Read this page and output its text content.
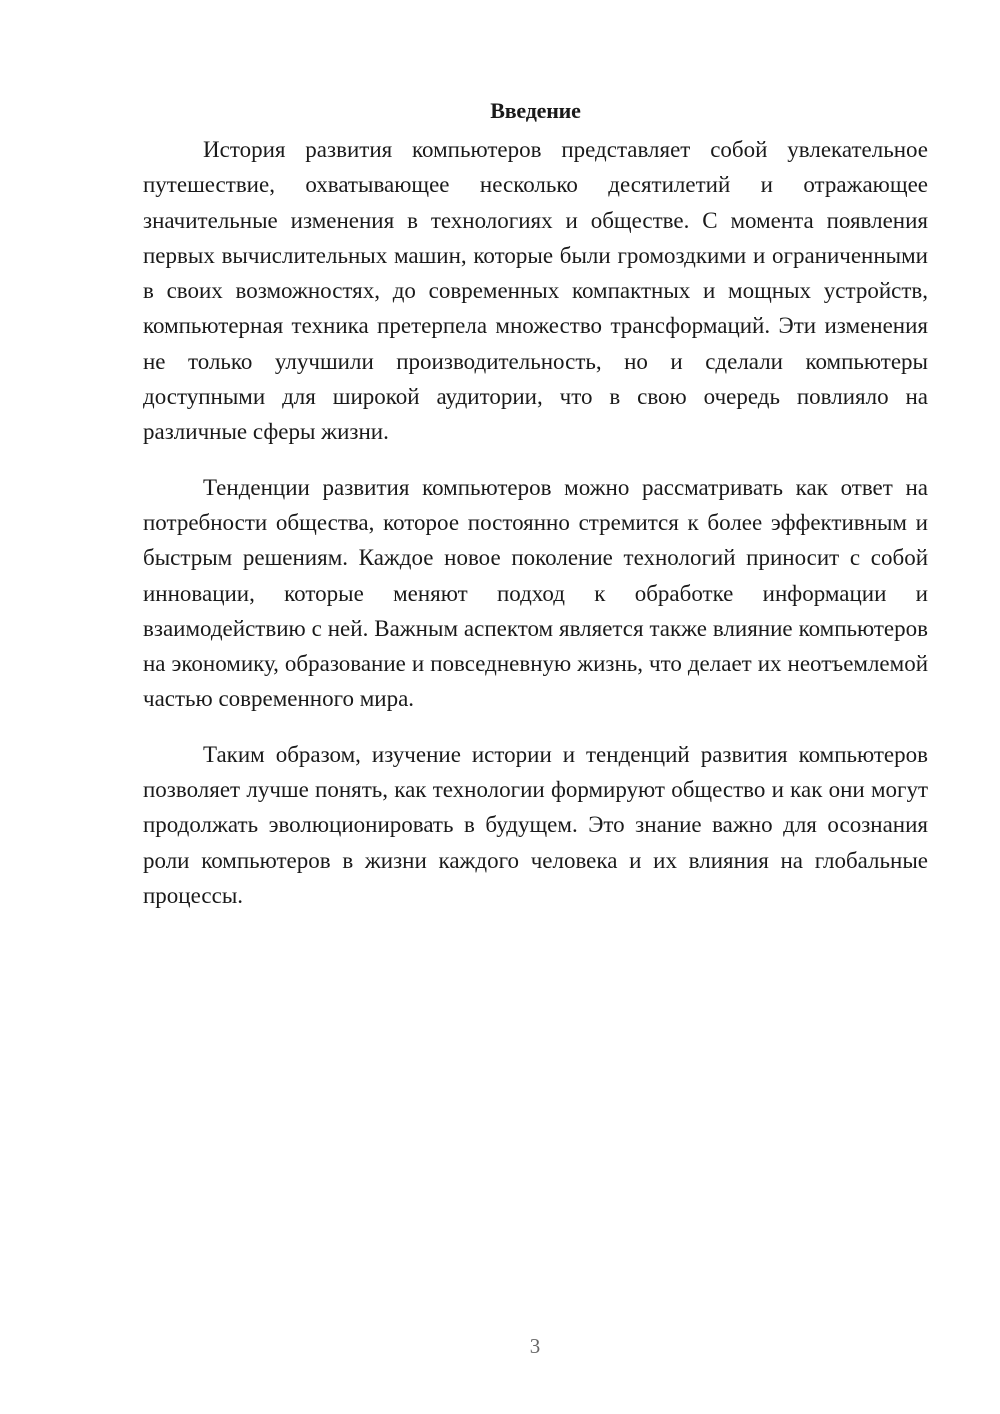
Введение

История развития компьютеров представляет собой увлекательное путешествие, охватывающее несколько десятилетий и отражающее значительные изменения в технологиях и обществе. С момента появления первых вычислительных машин, которые были громоздкими и ограниченными в своих возможностях, до современных компактных и мощных устройств, компьютерная техника претерпела множество трансформаций. Эти изменения не только улучшили производительность, но и сделали компьютеры доступными для широкой аудитории, что в свою очередь повлияло на различные сферы жизни.

Тенденции развития компьютеров можно рассматривать как ответ на потребности общества, которое постоянно стремится к более эффективным и быстрым решениям. Каждое новое поколение технологий приносит с собой инновации, которые меняют подход к обработке информации и взаимодействию с ней. Важным аспектом является также влияние компьютеров на экономику, образование и повседневную жизнь, что делает их неотъемлемой частью современного мира.

Таким образом, изучение истории и тенденций развития компьютеров позволяет лучше понять, как технологии формируют общество и как они могут продолжать эволюционировать в будущем. Это знание важно для осознания роли компьютеров в жизни каждого человека и их влияния на глобальные процессы.

3
